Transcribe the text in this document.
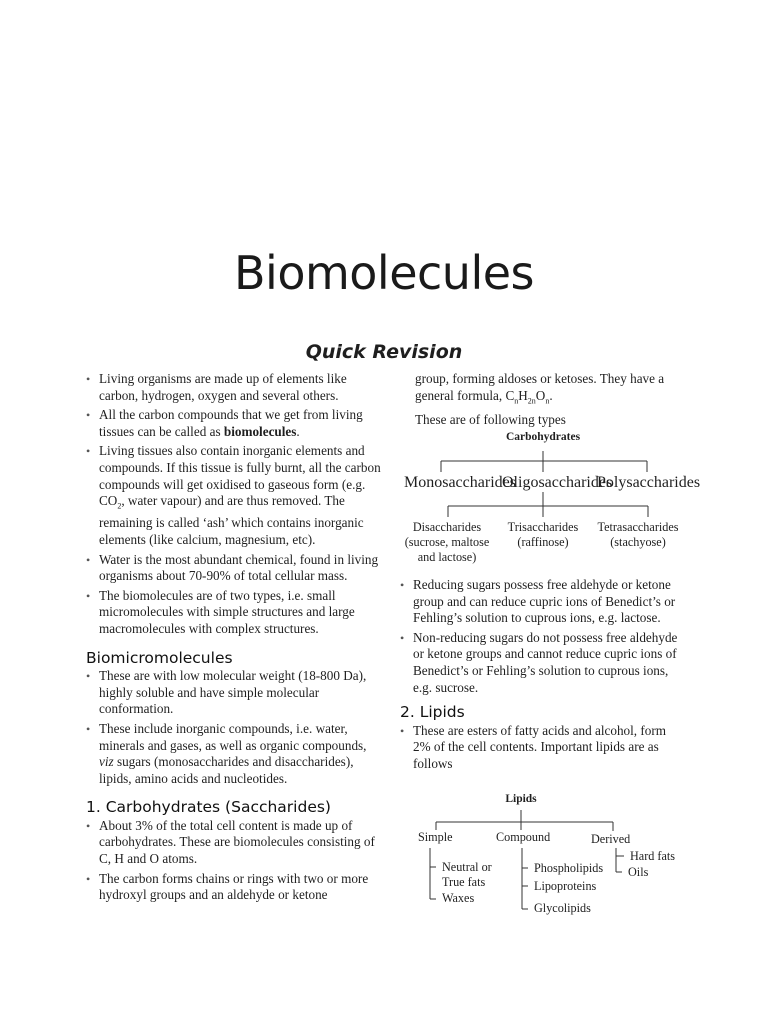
Biomolecules
Quick Revision
• Living organisms are made up of elements like carbon, hydrogen, oxygen and several others.
• All the carbon compounds that we get from living tissues can be called as biomolecules.
• Living tissues also contain inorganic elements and compounds. If this tissue is fully burnt, all the carbon compounds will get oxidised to gaseous form (e.g. $CO_2$, water vapour) and are thus removed. The remaining is called ‘ash’ which contains inorganic elements (like calcium, magnesium, etc).
• Water is the most abundant chemical, found in living organisms about 70-90% of total cellular mass.
• The biomolecules are of two types, i.e. small micromolecules with simple structures and large macromolecules with complex structures.
Biomicromolecules
• These are with low molecular weight (18-800 Da), highly soluble and have simple molecular conformation.
• These include inorganic compounds, i.e. water, minerals and gases, as well as organic compounds, viz sugars (monosaccharides and disaccharides), lipids, amino acids and nucleotides.
1. Carbohydrates (Saccharides)
• About 3% of the total cell content is made up of carbohydrates. These are biomolecules consisting of C, H and O atoms.
• The carbon forms chains or rings with two or more hydroxyl groups and an aldehyde or ketone

group, forming aldoses or ketoses. They have a general formula, $C_nH_{2n}O_n$.

These are of following types

Carbohydrates
Monosaccharides
Oligosaccharides
Polysaccharides
Disaccharides
(sucrose, maltose
and lactose)
Trisaccharides
(raffinose)
Tetrasaccharides
(stachyose)
• Reducing sugars possess free aldehyde or ketone group and can reduce cupric ions of Benedict’s or Fehling’s solution to cuprous ions, e.g. lactose.
• Non-reducing sugars do not possess free aldehyde or ketone groups and cannot reduce cupric ions of Benedict’s or Fehling’s solution to cuprous ions, e.g. sucrose.
2. Lipids
• These are esters of fatty acids and alcohol, form 2% of the cell contents. Important lipids are as follows
Lipids
Simple	Compound	Derived
Neutral or
True fats
Waxes
Phospholipids
Lipoproteins
Glycolipids
Hard fats
Oils
